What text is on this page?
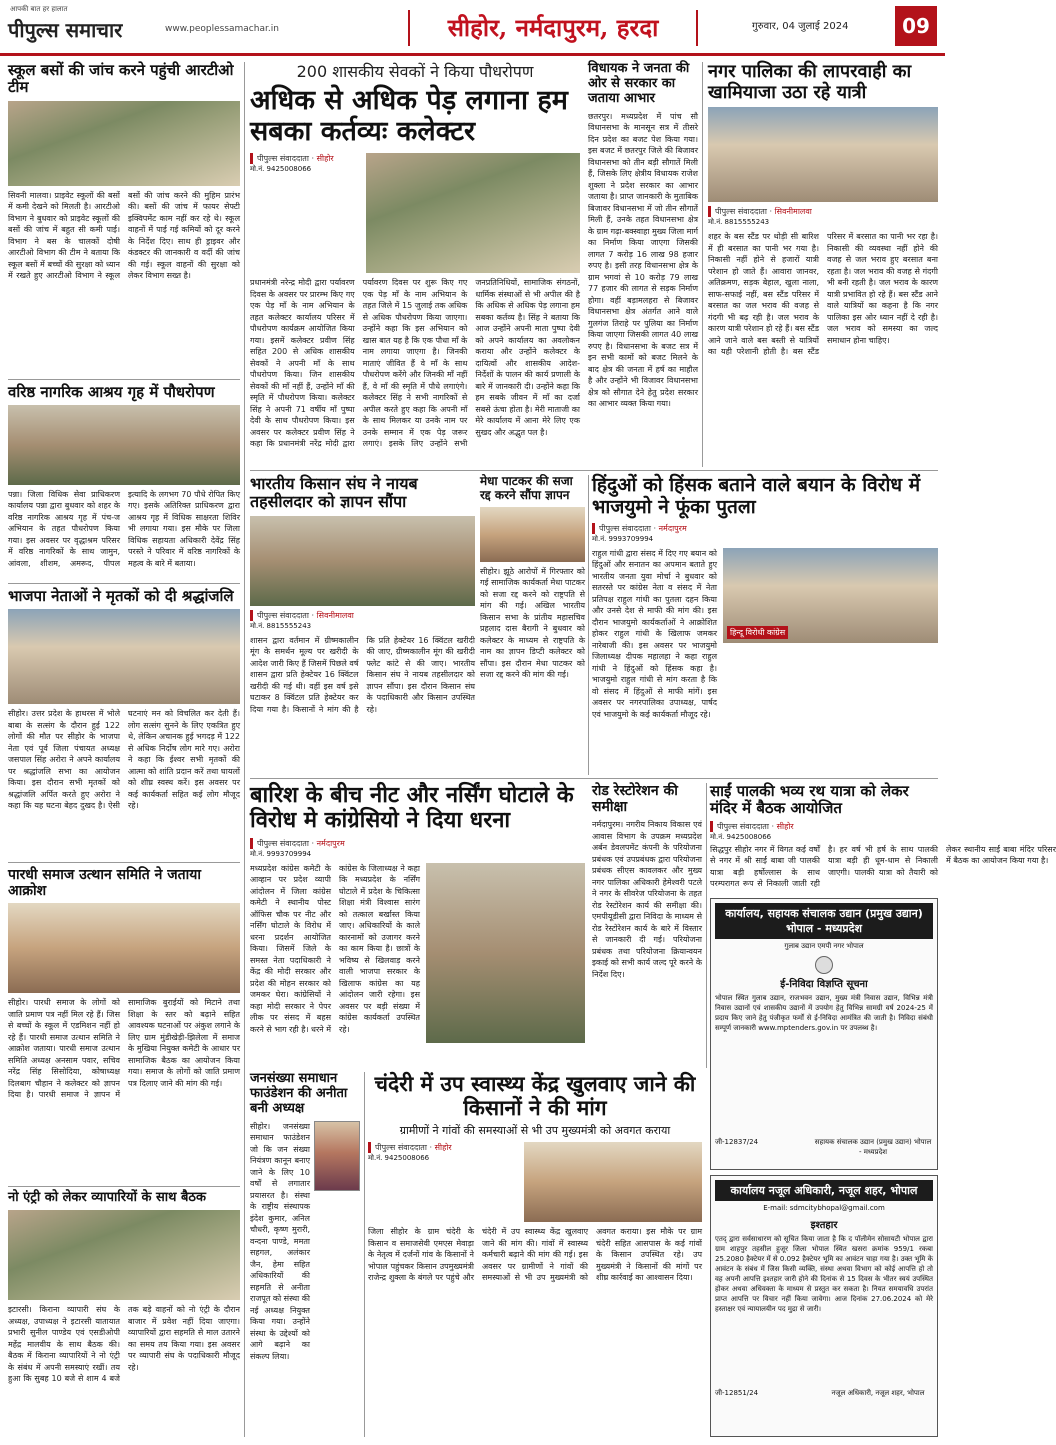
आपकी बात हर हालात
पीपुल्स समाचार	www.peoplessamachar.in	सीहोर, नर्मदापुरम, हरदा	गुरुवार, 04 जुलाई 2024	09
स्कूल बसों की जांच करने पहुंची आरटीओ टीम
सिवनी मालवा। प्राइवेट स्कूलों की बसों में कमी देखने को मिलती है। आरटीओ विभाग ने बुधवार को प्राइवेट स्कूलों की बसों की जांच में बहुत सी कमी पाई। विभाग ने बस के चालकों दोषी आरटीओ विभाग की टीम ने बताया कि स्कूल बसों में बच्चों की सुरक्षा को ध्यान में रखते हुए आरटीओ विभाग ने स्कूल बसों की जांच करने की मुहिम प्रारंभ की। बसों की जांच में फायर सेफ्टी इक्विपमेंट काम नहीं कर रहे थे। स्कूल वाहनों में पाई गई कमियों को दूर करने के निर्देश दिए। साथ ही ड्राइवर और कंडक्टर की जानकारी व वर्दी की जांच की गई। स्कूल वाहनों की सुरक्षा को लेकर विभाग सख्त है।
वरिष्ठ नागरिक आश्रय गृह में पौधरोपण
पन्ना। जिला विधिक सेवा प्राधिकरण कार्यालय पन्ना द्वारा बुधवार को शहर के वरिष्ठ नागरिक आश्रय गृह में पंच-ज अभियान के तहत पौधरोपण किया गया। इस अवसर पर वृद्धाश्रम परिसर में वरिष्ठ नागरिकों के साथ जामुन, आंवला, शीशम, अमरूद, पीपल इत्यादि के लगभग 70 पौधे रोपित किए गए। इसके अतिरिक्त प्राधिकरण द्वारा आश्रय गृह में विधिक साक्षरता शिविर भी लगाया गया। इस मौके पर जिला विधिक सहायता अधिकारी देवेंद्र सिंह परस्ते ने परिवार में वरिष्ठ नागरिकों के महत्व के बारे में बताया।
भाजपा नेताओं ने मृतकों को दी श्रद्धांजलि
सीहोर। उत्तर प्रदेश के हाथरस में भोले बाबा के सत्संग के दौरान हुई 122 लोगों की मौत पर सीहोर के भाजपा नेता एवं पूर्व जिला पंचायत अध्यक्ष जसपाल सिंह अरोरा ने अपने कार्यालय पर श्रद्धांजलि सभा का आयोजन किया। इस दौरान सभी मृतकों को श्रद्धांजलि अर्पित करते हुए अरोरा ने कहा कि यह घटना बेहद दुखद है। ऐसी घटनाएं मन को विचलित कर देती हैं। लोग सत्संग सुनने के लिए एकत्रित हुए थे, लेकिन अचानक हुई भगदड़ में 122 से अधिक निर्दोष लोग मारे गए। अरोरा ने कहा कि ईश्वर सभी मृतकों की आत्मा को शांति प्रदान करें तथा घायलों को शीघ्र स्वस्थ करें। इस अवसर पर कई कार्यकर्ता सहित कई लोग मौजूद रहे।
पारधी समाज उत्थान समिति ने जताया आक्रोश
सीहोर। पारधी समाज के लोगों को जाति प्रमाण पत्र नहीं मिल रहे हैं। जिस से बच्चों के स्कूल में एडमिशन नहीं हो रहे हैं। पारधी समाज उत्थान समिति ने आक्रोश जताया। पारधी समाज उत्थान समिति अध्यक्ष अनसाम पवार, सचिव नरेंद्र सिंह सिसोदिया, कोषाध्यक्ष दिलबाग चौहान ने कलेक्टर को ज्ञापन दिया है। पारधी समाज ने ज्ञापन में सामाजिक बुराईयों को मिटाने तथा शिक्षा के स्तर को बढ़ाने सहित आवश्यक घटनाओं पर अंकुश लगाने के लिए ग्राम मुंडीखेड़ी-झिलेला में समाज के मुखिया नियुक्त कमेटी के आधार पर सामाजिक बैठक का आयोजन किया गया। समाज के लोगों को जाति प्रमाण पत्र दिलाए जाने की मांग की गई।
नो एंट्री को लेकर व्यापारियों के साथ बैठक
इटारसी। किराना व्यापारी संघ के अध्यक्ष, उपाध्यक्ष ने इटारसी यातायात प्रभारी सुनील पाण्डेय एवं एसडीओपी महेंद्र मालवीय के साथ बैठक की। बैठक में किराना व्यापारियों ने नो एंट्री के संबंध में अपनी समस्याएं रखीं। तय हुआ कि सुबह 10 बजे से शाम 4 बजे तक बड़े वाहनों को नो एंट्री के दौरान बाजार में प्रवेश नहीं दिया जाएगा। व्यापारियों द्वारा सहमति से माल उतारने का समय तय किया गया। इस अवसर पर व्यापारी संघ के पदाधिकारी मौजूद रहे।
200 शासकीय सेवकों ने किया पौधरोपण
अधिक से अधिक पेड़ लगाना हम सबका कर्तव्यः कलेक्टर
पीपुल्स संवाददाता · सीहोर
मो.नं. 9425008066
प्रधानमंत्री नरेन्द्र मोदी द्वारा पर्यावरण दिवस के अवसर पर प्रारम्भ किए गए एक पेड़ माँ के नाम अभियान के तहत कलेक्टर कार्यालय परिसर में पौधरोपण कार्यक्रम आयोजित किया गया। इसमें कलेक्टर प्रवीण सिंह सहित 200 से अधिक शासकीय सेवकों ने अपनी माँ के साथ पौधरोपण किया। जिन शासकीय सेवकों की माँ नहीं हैं, उन्होंने माँ की स्मृति में पौधरोपण किया। कलेक्टर सिंह ने अपनी 71 वर्षीय माँ पुष्पा देवी के साथ पौधरोपण किया। इस अवसर पर कलेक्टर प्रवीण सिंह ने कहा कि प्रधानमंत्री नरेंद्र मोदी द्वारा पर्यावरण दिवस पर शुरू किए गए एक पेड़ माँ के नाम अभियान के तहत जिले में 15 जुलाई तक अधिक से अधिक पौधरोपण किया जाएगा। उन्होंने कहा कि इस अभियान को खास बात यह है कि एक पौधा माँ के नाम लगाया जाएगा है। जिनकी माताएं जीवित हैं वे माँ के साथ पौधरोपण करेंगे और जिनकी माँ नहीं हैं, वे माँ की स्मृति में पौधे लगाएंगे। कलेक्टर सिंह ने सभी नागरिकों से अपील करते हुए कहा कि अपनी माँ के साथ मिलकर या उनके नाम पर उनके सम्मान में एक पेड़ जरूर लगाएं। इसके लिए उन्होंने सभी जनप्रतिनिधियों, सामाजिक संगठनों, धार्मिक संस्थाओं से भी अपील की है कि अधिक से अधिक पेड़ लगाना हम सबका कर्तव्य है। सिंह ने बताया कि आज उन्होंने अपनी माता पुष्पा देवी को अपने कार्यालय का अवलोकन कराया और उन्होंने कलेक्टर के दायित्वों और शासकीय आदेश-निर्देशों के पालन की कार्य प्रणाली के बारे में जानकारी दी। उन्होंने कहा कि हम सबके जीवन में माँ का दर्जा सबसे ऊंचा होता है। मेरी माताजी का मेरे कार्यालय में आना मेरे लिए एक सुखद और अद्भुत पल है।
विधायक ने जनता की ओर से सरकार का जताया आभार
छतरपुर। मध्यप्रदेश में पांच सौ विधानसभा के मानसून सत्र में तीसरे दिन प्रदेश का बजट पेश किया गया। इस बजट में छतरपुर जिले की बिजावर विधानसभा को तीन बड़ी सौगातें मिली हैं, जिसके लिए क्षेत्रीय विधायक राजेश शुक्ला ने प्रदेश सरकार का आभार जताया है। प्राप्त जानकारी के मुताबिक बिजावर विधानसभा में जो तीन सौगातें मिली हैं, उनके तहत विधानसभा क्षेत्र के ग्राम गढ़ा-बक्स्वाहा मुख्य जिला मार्ग का निर्माण किया जाएगा जिसकी लागत 7 करोड़ 16 लाख 98 हजार रुपए है। इसी तरह विधानसभा क्षेत्र के ग्राम भगवां से 10 करोड़ 79 लाख 77 हजार की लागत से सड़क निर्माण होगा। वहीं बड़ामलहरा से बिजावर विधानसभा क्षेत्र अंतर्गत आने वाले गुलगंज तिराहे पर पुलिया का निर्माण किया जाएगा जिसकी लागत 40 लाख रुपए है। विधानसभा के बजट सत्र में इन सभी कामों को बजट मिलने के बाद क्षेत्र की जनता में हर्ष का माहौल है और उन्होंने भी विजावर विधानसभा क्षेत्र को सौगात देने हेतु प्रदेश सरकार का आभार व्यक्त किया गया।
नगर पालिका की लापरवाही का खामियाजा उठा रहे यात्री
पीपुल्स संवाददाता · सिवनीमालवा
मो.नं. 8815555243
शहर के बस स्टैंड पर थोड़ी सी बारिश में ही बरसात का पानी भर गया है। निकासी नहीं होने से हजारों यात्री परेशान हो जाते हैं। आवारा जानवर, अतिक्रमण, सड़क बेहाल, खुला नाला, साफ-सफाई नहीं, बस स्टैंड परिसर में बरसात का जल भराव की वजह से गंदगी भी बढ़ रही है। जल भराव के कारण यात्री परेशान हो रहे हैं। बस स्टैंड आने जाने वाले बस बस्ती से यात्रियों का यही परेशानी होती है। बस स्टैंड परिसर में बरसात का पानी भर रहा है। निकासी की व्यवस्था नहीं होने की वजह से जल भराव हुए बरसात बना रहता है। जल भराव की वजह से गंदगी भी बनी रहती है। जल भराव के कारण यात्री प्रभावित हो रहे हैं। बस स्टैंड आने वाले यात्रियों का कहना है कि नगर पालिका इस ओर ध्यान नहीं दे रही है। जल भराव को समस्या का जल्द समाधान होना चाहिए।
भारतीय किसान संघ ने नायब तहसीलदार को ज्ञापन सौंपा
पीपुल्स संवाददाता · सिवनीमालवा
मो.नं. 8815555243
शासन द्वारा वर्तमान में ग्रीष्मकालीन मूंग के समर्थन मूल्य पर खरीदी के आदेश जारी किए हैं जिसमें पिछले वर्ष शासन द्वारा प्रति हेक्टेयर 16 क्विंटल खरीदी की गई थी। वहीं इस वर्ष इसे घटाकर 8 क्विंटल प्रति हेक्टेयर कर दिया गया है। किसानों ने मांग की है कि प्रति हेक्टेयर 16 क्विंटल खरीदी की जाए, ग्रीष्मकालीन मूंग की खरीदी फ्लेट कांटे से की जाए। भारतीय किसान संघ ने नायब तहसीलदार को ज्ञापन सौंपा। इस दौरान किसान संघ के पदाधिकारी और किसान उपस्थित रहे।
मेधा पाटकर की सजा रद्द करने सौंपा ज्ञापन
सीहोर। झूठे आरोपों में गिरफ्तार को गई सामाजिक कार्यकर्ता मेधा पाटकर को सजा रद्द करने को राष्ट्रपति से मांग की गई। अखिल भारतीय किसान सभा के प्रांतीय महासचिव प्रहलाद दास बैरागी ने बुधवार को कलेक्टर के माध्यम से राष्ट्रपति के नाम का ज्ञापन डिप्टी कलेक्टर को सौंपा। इस दौरान मेधा पाटकर को सजा रद्द करने की मांग की गई।
हिंदुओं को हिंसक बताने वाले बयान के विरोध में भाजयुमो ने फूंका पुतला
पीपुल्स संवाददाता · नर्मदापुरम
मो.नं. 9993709994
राहुल गांधी द्वारा संसद में दिए गए बयान को हिंदुओं और सनातन का अपमान बताते हुए भारतीय जनता युवा मोर्चा ने बुधवार को सतरस्ते पर कांग्रेस नेता व संसद में नेता प्रतिपक्ष राहुल गांधी का पुतला दहन किया और उनसे देश से माफी की मांग की। इस दौरान भाजयुमो कार्यकर्ताओं ने आक्रोशित होकर राहुल गांधी के खिलाफ जमकर नारेबाजी की। इस अवसर पर भाजयुमो जिलाध्यक्ष दीपक महालहा ने कहा राहुल गांधी ने हिंदुओं को हिंसक कहा है। भाजयुमो राहुल गांधी से मांग करता है कि वो संसद में हिंदुओं से माफी मांगें। इस अवसर पर नगरपालिका उपाध्यक्ष, पार्षद एवं भाजयुमो के कई कार्यकर्ता मौजूद रहे।
हिन्दू विरोधी कांग्रेस
बारिश के बीच नीट और नर्सिंग घोटाले के विरोध मे कांग्रेसियो ने दिया धरना
पीपुल्स संवाददाता · नर्मदापुरम
मो.नं. 9993709994
मध्यप्रदेश कांग्रेस कमेटी के आव्हान पर प्रदेश व्यापी आंदोलन में जिला कांग्रेस कमेटी ने स्थानीय पोस्ट ऑफिस चौक पर नीट और नर्सिंग घोटाले के विरोध में धरना प्रदर्शन आयोजित किया। जिसमें जिले के समस्त नेता पदाधिकारी ने केंद्र की मोदी सरकार और प्रदेश की मोहन सरकार को जमकर घेरा। कांग्रेसियों ने कहा मोदी सरकार ने पेपर लीक पर संसद में बहस करने से भाग रही है। धरने में कांग्रेस के जिलाध्यक्ष ने कहा कि मध्यप्रदेश के नर्सिंग घोटाले में प्रदेश के चिकित्सा शिक्षा मंत्री विश्वास सारंग को तत्काल बर्खास्त किया जाए। अधिकारियों के काले कारनामों को उजागर करने का काम किया है। छात्रों के भविष्य से खिलवाड़ करने वाली भाजपा सरकार के खिलाफ कांग्रेस का यह आंदोलन जारी रहेगा। इस अवसर पर बड़ी संख्या में कांग्रेस कार्यकर्ता उपस्थित रहे।
रोड रेस्टोरेशन की समीक्षा
नर्मदापुरम। नगरीय निकाय विकास एवं आवास विभाग के उपक्रम मध्यप्रदेश अर्बन डेवलपमेंट कंपनी के परियोजना प्रबंधक एवं उपप्रबंधक द्वारा परियोजना प्रबंधक सीएस कावलकर और मुख्य नगर पालिका अधिकारी हेमेश्वरी पटले ने नगर के सीवरेज परियोजना के तहत रोड रेस्टोरेशन कार्य की समीक्षा की। एमपीयूडीसी द्वारा निविदा के माध्यम से रोड रेस्टोरेशन कार्य के बारे में विस्तार से जानकारी दी गई। परियोजना प्रबंधक तथा परियोजना क्रियान्वयन इकाई को सभी कार्य जल्द पूरे करने के निर्देश दिए।
साईं पालकी भव्य रथ यात्रा को लेकर मंदिर में बैठक आयोजित
पीपुल्स संवाददाता · सीहोर
मो.नं. 9425008066
सिद्धपुर सीहोर नगर में विगत कई वर्षों से नगर में श्री साईं बाबा जी पालकी यात्रा बड़ी हर्षोल्लास के साथ परम्परागत रूप से निकाली जाती रही है। हर वर्ष भी हर्ष के साथ पालकी यात्रा बड़ी ही धूम-धाम से निकाली जाएगी। पालकी यात्रा को तैयारी को लेकर स्थानीय साईं बाबा मंदिर परिसर में बैठक का आयोजन किया गया है।
कार्यालय, सहायक संचालक उद्यान (प्रमुख उद्यान) भोपाल - मध्यप्रदेश
गुलाब उद्यान एमपी नगर भोपाल
ई-निविदा विज्ञप्ति सूचना
भोपाल स्थित गुलाब उद्यान, राजभवन उद्यान, मुख्य मंत्री निवास उद्यान, विभिन्न मंत्री निवास उद्यानों एवं शासकीय उद्यानों में उपयोग हेतु विभिन्न सामग्री वर्ष 2024-25 में प्रदाय किए जाने हेतु पंजीकृत फर्मों से ई-निविदा आमंत्रित की जाती है। निविदा संबंधी सम्पूर्ण जानकारी www.mptenders.gov.in पर उपलब्ध है।
जी-12837/24	सहायक संचालक उद्यान (प्रमुख उद्यान) भोपाल - मध्यप्रदेश
जनसंख्या समाधान फाउंडेशन की अनीता बनी अध्यक्ष
सीहोर। जनसंख्या समाधान फाउंडेशन जो कि जन संख्या नियंत्रण कानून बनाए जाने के लिए 10 वर्षों से लगातार प्रयासरत है। संस्था के राष्ट्रीय संस्थापक इंदेश कुमार, अनिल चौधरी, कृष्ण मुरारी, वन्दना पाण्डे, ममता सहगल, अलंकार जैन, हेमा सहित अधिकारियों की सहमति से अनीता राजपूत को संस्था की नई अध्यक्ष नियुक्त किया गया। उन्होंने संस्था के उद्देश्यों को आगे बढ़ाने का संकल्प लिया।
चंदेरी में उप स्वास्थ्य केंद्र खुलवाए जाने की किसानों ने की मांग
ग्रामीणों ने गांवों की समस्याओं से भी उप मुख्यमंत्री को अवगत कराया
पीपुल्स संवाददाता · सीहोर
मो.नं. 9425008066
जिला सीहोर के ग्राम चंदेरी के किसान व समाजसेवी एमएस मेवाड़ा के नेतृत्व में दर्जनों गांव के किसानों ने भोपाल पहुंचकर किसान उपमुख्यमंत्री राजेन्द्र शुक्ला के बंगले पर पहुंचे और चंदेरी में उप स्वास्थ्य केंद्र खुलवाए जाने की मांग की। गांवों में स्वास्थ्य कर्मचारी बढ़ाने की मांग की गई। इस अवसर पर ग्रामीणों ने गांवों की समस्याओं से भी उप मुख्यमंत्री को अवगत कराया। इस मौके पर ग्राम चंदेरी सहित आसपास के कई गांवों के किसान उपस्थित रहे। उप मुख्यमंत्री ने किसानों की मांगों पर शीघ्र कार्रवाई का आश्वासन दिया।
कार्यालय नजूल अधिकारी, नजूल शहर, भोपाल
E-mail: sdmcitybhopal@gmail.com
इश्तहार
एतद् द्वारा सर्वसाधारण को सूचित किया जाता है कि द पॉलीमेन सोसायटी भोपाल द्वारा ग्राम शाहपुर तहसील हुजूर जिला भोपाल स्थित खसरा क्रमांक 959/1 रकबा 25.2080 हैक्टेयर में से 0.092 हैक्टेयर भूमि का आवंटन चाहा गया है। उक्त भूमि के आवंटन के संबंध में जिस किसी व्यक्ति, संस्था अथवा विभाग को कोई आपत्ति हो तो वह अपनी आपत्ति इश्तहार जारी होने की दिनांक से 15 दिवस के भीतर स्वयं उपस्थित होकर अथवा अधिवक्ता के माध्यम से प्रस्तुत कर सकता है। नियत समयावधि उपरांत प्राप्त आपत्ति पर विचार नहीं किया जावेगा। आज दिनांक 27.06.2024 को मेरे हस्ताक्षर एवं न्यायालयीन पद मुद्रा से जारी।
जी-12851/24	नजूल अधिकारी, नजूल शहर, भोपाल
